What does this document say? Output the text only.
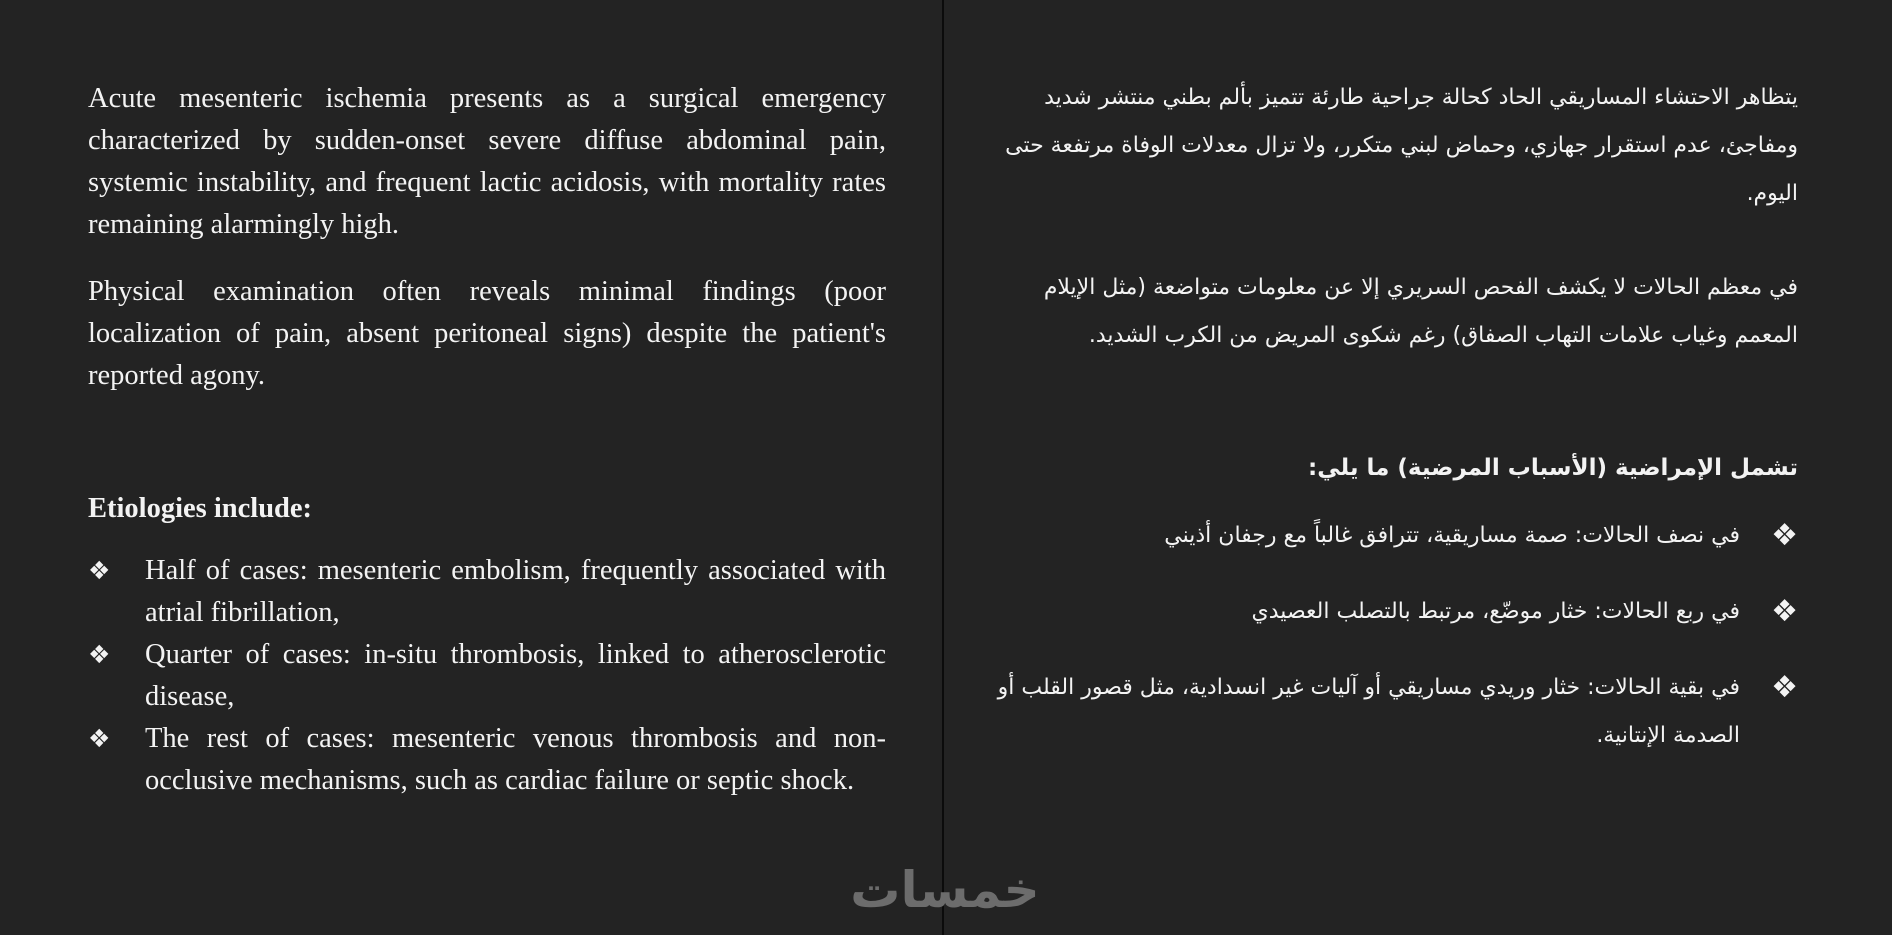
Acute mesenteric ischemia presents as a surgical emergency characterized by sudden-onset severe diffuse abdominal pain, systemic instability, and frequent lactic acidosis, with mortality rates remaining alarmingly high.

Physical examination often reveals minimal findings (poor localization of pain, absent peritoneal signs) despite the patient's reported agony.

Etiologies include:
❖ Half of cases: mesenteric embolism, frequently associated with atrial fibrillation,
❖ Quarter of cases: in-situ thrombosis, linked to atherosclerotic disease,
❖ The rest of cases: mesenteric venous thrombosis and non-occlusive mechanisms, such as cardiac failure or septic shock.

يتظاهر الاحتشاء المساريقي الحاد كحالة جراحية طارئة تتميز بألم بطني منتشر شديد ومفاجئ، عدم استقرار جهازي، وحماض لبني متكرر، ولا تزال معدلات الوفاة مرتفعة حتى اليوم.

في معظم الحالات لا يكشف الفحص السريري إلا عن معلومات متواضعة (مثل الإيلام المعمم وغياب علامات التهاب الصفاق) رغم شكوى المريض من الكرب الشديد.

تشمل الإمراضية (الأسباب المرضية) ما يلي:
❖
في نصف الحالات: صمة مساريقية، تترافق غالباً مع رجفان أذيني
❖
في ربع الحالات: خثار موضّع، مرتبط بالتصلب العصيدي
❖
في بقية الحالات: خثار وريدي مساريقي أو آليات غير انسدادية، مثل قصور القلب أو الصدمة الإنتانية.
خمسات
